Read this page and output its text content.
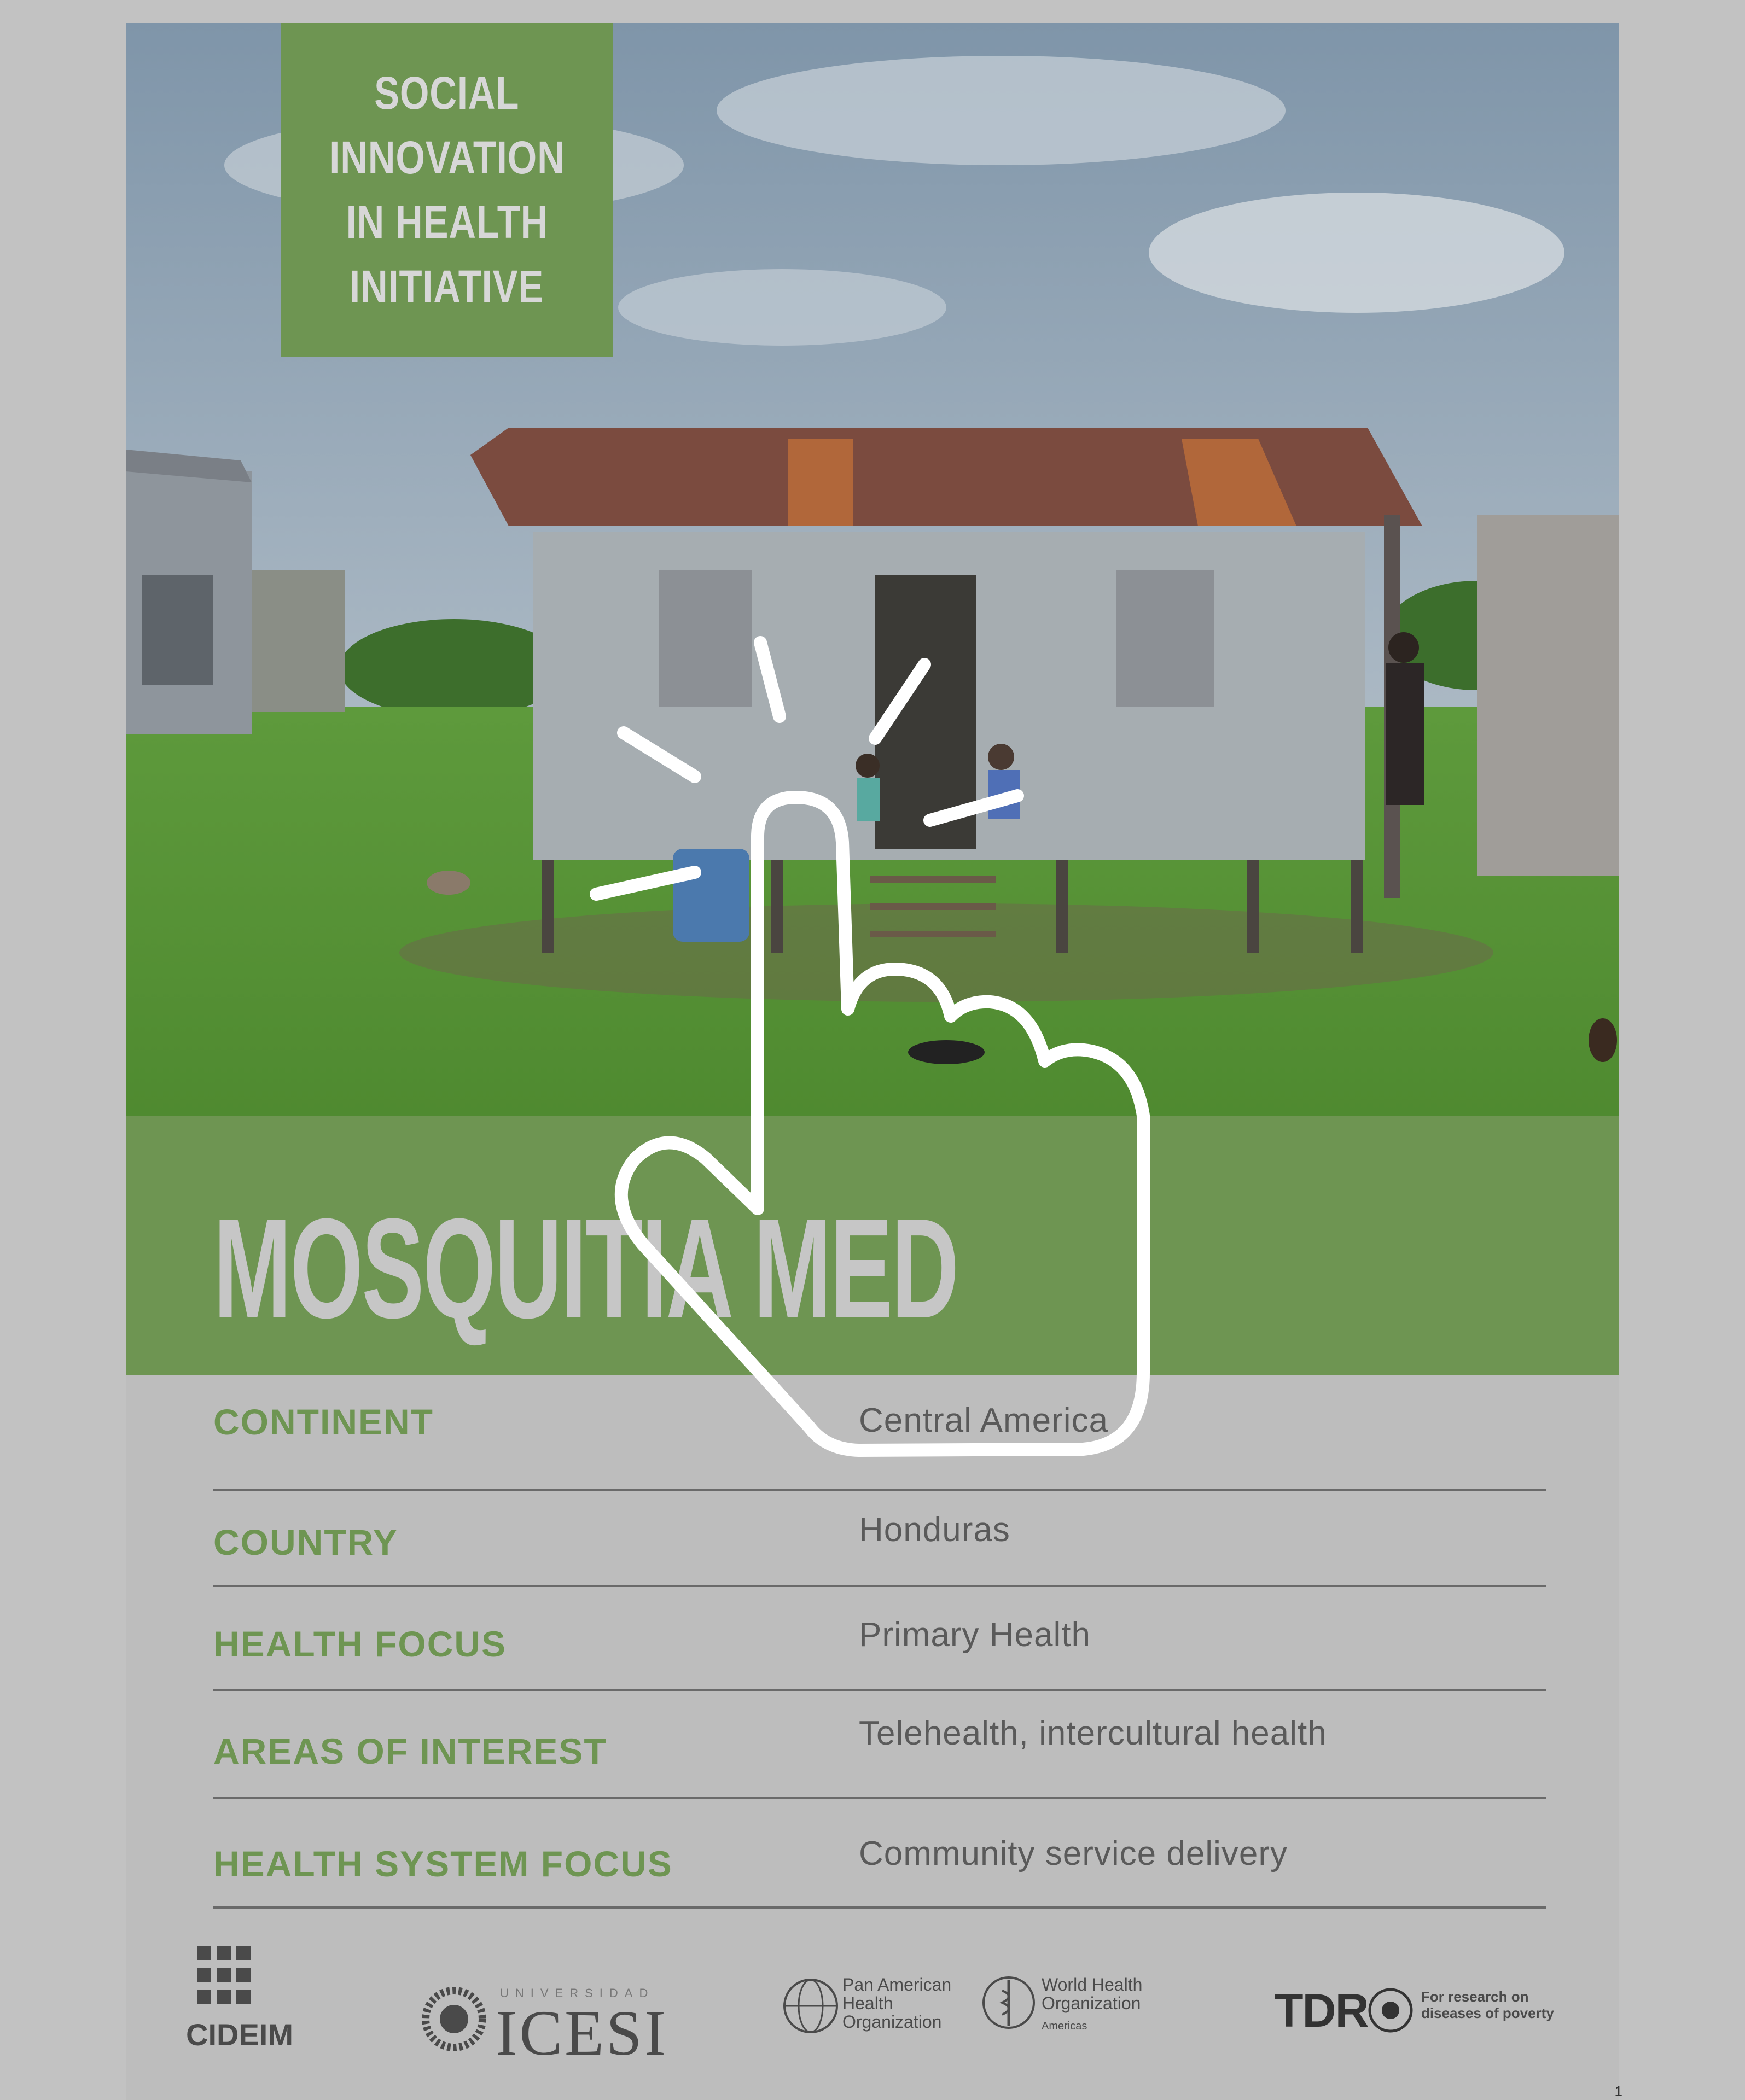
SOCIAL
INNOVATION
IN HEALTH
INITIATIVE
MOSQUITIA MED
CONTINENT	Central America
COUNTRY	Honduras
HEALTH FOCUS	Primary Health
AREAS OF INTEREST	Telehealth, intercultural health
HEALTH SYSTEM FOCUS	Community service delivery
CIDEIM
UNIVERSIDAD
ICESI
Pan American
Health
Organization
World Health
Organization
Americas	TDR	For research on
diseases of poverty
1
